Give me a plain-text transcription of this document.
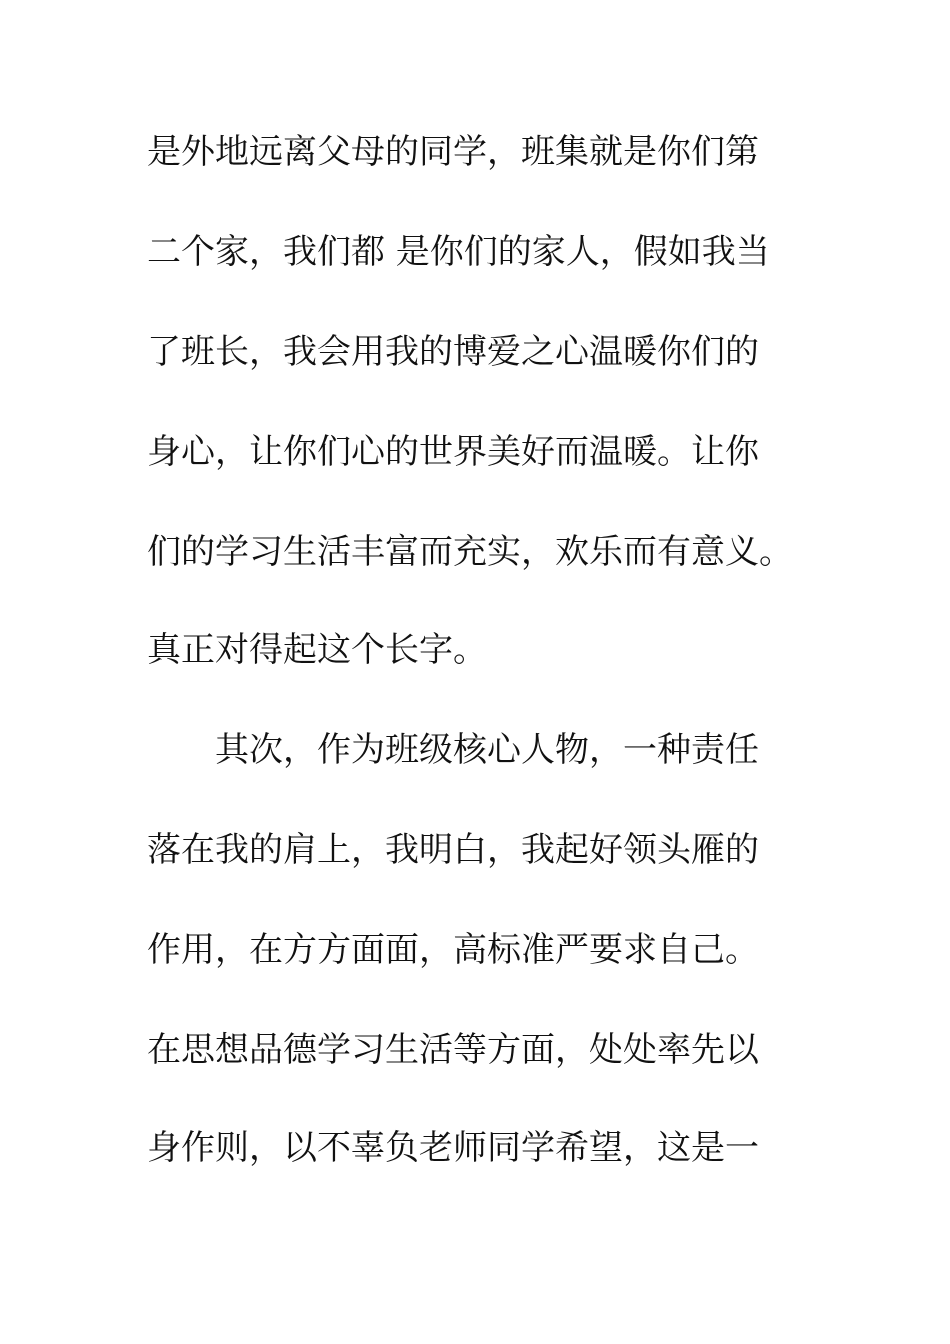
是外地远离父母的同学，班集就是你们第

二个家，我们都 是你们的家人，假如我当

了班长，我会用我的博爱之心温暖你们的

身心，让你们心的世界美好而温暖。让你

们的学习生活丰富而充实，欢乐而有意义。

真正对得起这个长字。

其次，作为班级核心人物，一种责任

落在我的肩上，我明白，我起好领头雁的

作用，在方方面面，高标准严要求自己。

在思想品德学习生活等方面，处处率先以

身作则，以不辜负老师同学希望，这是一
